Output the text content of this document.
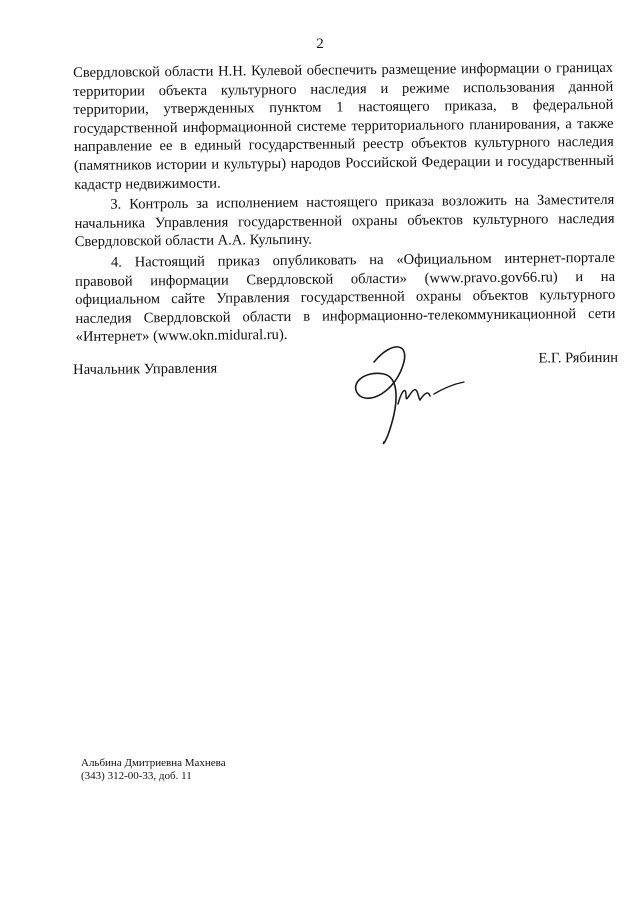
2

Свердловской области Н.Н. Кулевой обеспечить размещение информации о границах территории объекта культурного наследия и режиме использования данной территории, утвержденных пунктом 1 настоящего приказа, в федеральной государственной информационной системе территориального планирования, а также направление ее в единый государственный реестр объектов культурного наследия (памятников истории и культуры) народов Российской Федерации и государственный кадастр недвижимости.

3. Контроль за исполнением настоящего приказа возложить на Заместителя начальника Управления государственной охраны объектов культурного наследия Свердловской области А.А. Кульпину.

4. Настоящий приказ опубликовать на «Официальном интернет-портале правовой информации Свердловской области» (www.pravo.gov66.ru) и на официальном сайте Управления государственной охраны объектов культурного наследия Свердловской области в информационно-телекоммуникационной сети «Интернет» (www.okn.midural.ru).

Начальник Управления
Е.Г. Рябинин
Альбина Дмитриевна Махнева
(343) 312-00-33, доб. 11
